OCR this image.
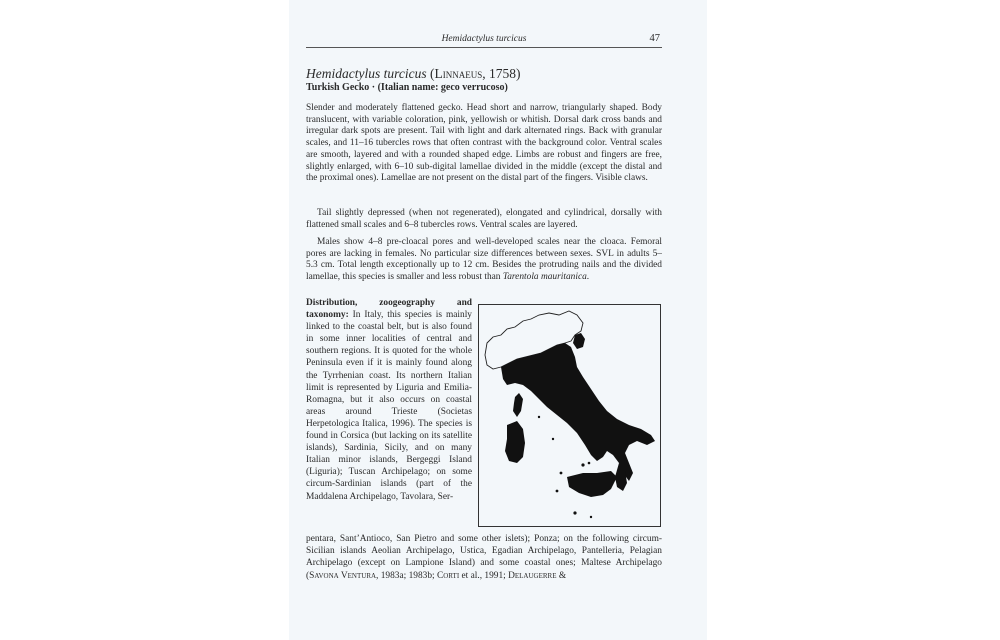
Hemidactylus turcicus	47
Hemidactylus turcicus (Linnaeus, 1758)
Turkish Gecko · (Italian name: geco verrucoso)

Slender and moderately flattened gecko. Head short and narrow, triangularly shaped. Body translucent, with variable coloration, pink, yellowish or whitish. Dorsal dark cross bands and irregular dark spots are present. Tail with light and dark alternated rings. Back with granular scales, and 11–16 tubercles rows that often contrast with the background color. Ventral scales are smooth, layered and with a rounded shaped edge. Limbs are robust and fingers are free, slightly enlarged, with 6–10 sub-digital lamellae divided in the middle (except the distal and the proximal ones). Lamellae are not present on the distal part of the fingers. Visible claws.

Tail slightly depressed (when not regenerated), elongated and cylindrical, dorsally with flattened small scales and 6–8 tubercles rows. Ventral scales are layered.

Males show 4–8 pre-cloacal pores and well-developed scales near the cloaca. Femoral pores are lacking in females. No particular size differences between sexes. SVL in adults 5–5.3 cm. Total length exceptionally up to 12 cm. Besides the protruding nails and the divided lamellae, this species is smaller and less robust than Tarentola mauritanica.

Distribution, zoogeography and taxonomy: In Italy, this species is mainly linked to the coastal belt, but is also found in some inner localities of central and southern regions. It is quoted for the whole Peninsula even if it is mainly found along the Tyrrhenian coast. Its northern Italian limit is represented by Liguria and Emilia-Romagna, but it also occurs on coastal areas around Trieste (Societas Herpetologica Italica, 1996). The species is found in Corsica (but lacking on its satellite islands), Sardinia, Sicily, and on many Italian minor islands, Bergeggi Island (Liguria); Tuscan Archipelago; on some circum-Sardinian islands (part of the Maddalena Archipelago, Tavolara, Ser-
pentara, Sant’Antioco, San Pietro and some other islets); Ponza; on the following circum-Sicilian islands Aeolian Archipelago, Ustica, Egadian Archipelago, Pantelleria, Pelagian Archipelago (except on Lampione Island) and some coastal ones; Maltese Archipelago (Savona Ventura, 1983a; 1983b; Corti et al., 1991; Delaugerre &
